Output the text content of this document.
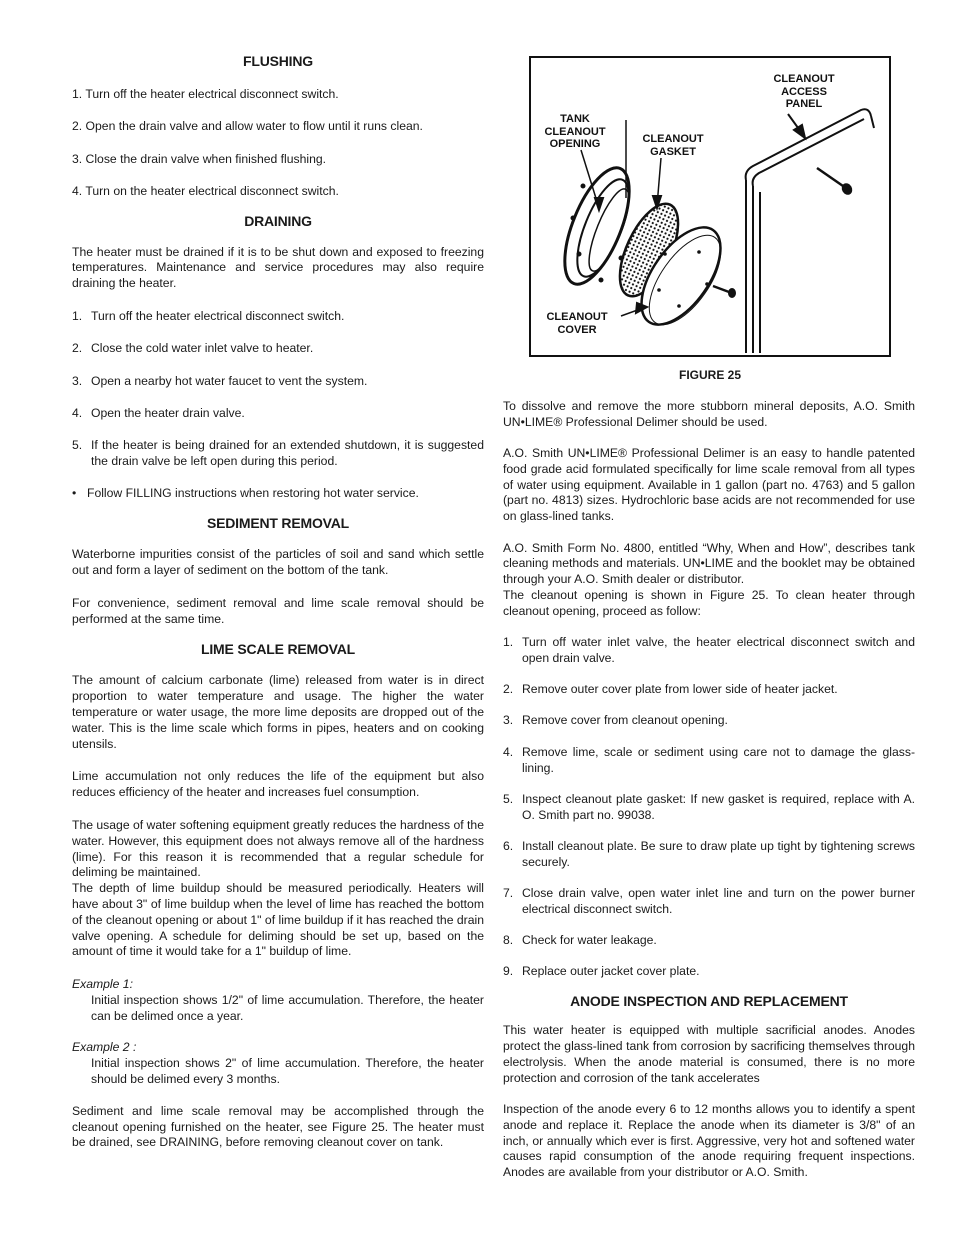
FLUSHING

1. Turn off the heater electrical disconnect switch.

2. Open the drain valve and allow water to flow until it runs clean.

3. Close the drain valve when finished flushing.

4. Turn on the heater electrical disconnect switch.

DRAINING

The heater must be drained if it is to be shut down and exposed to freezing temperatures. Maintenance and service procedures may also require draining the heater.

1. Turn off the heater electrical disconnect switch.
2. Close the cold water inlet valve to heater.
3. Open a nearby hot water faucet to vent the system.
4. Open the heater drain valve.
5. If the heater is being drained for an extended shutdown, it is suggested the drain valve be left open during this period.
• Follow FILLING instructions when restoring hot water service.
SEDIMENT REMOVAL

Waterborne impurities consist of the particles of soil and sand which settle out and form a layer of sediment on the bottom of the tank.

For convenience, sediment removal and lime scale removal should be performed at the same time.

LIME SCALE REMOVAL

The amount of calcium carbonate (lime) released from water is in direct proportion to water temperature and usage. The higher the water temperature or water usage, the more lime deposits are dropped out of the water. This is the lime scale which forms in pipes, heaters and on cooking utensils.

Lime accumulation not only reduces the life of the equipment but also reduces efficiency of the heater and increases fuel consumption.

The usage of water softening equipment greatly reduces the hardness of the water. However, this equipment does not always remove all of the hardness (lime). For this reason it is recommended that a regular schedule for deliming be maintained.

The depth of lime buildup should be measured periodically. Heaters will have about 3" of lime buildup when the level of lime has reached the bottom of the cleanout opening or about 1" of lime buildup if it has reached the drain valve opening. A schedule for deliming should be set up, based on the amount of time it would take for a 1" buildup of lime.

Example 1:

Initial inspection shows 1/2" of lime accumulation. Therefore, the heater can be delimed once a year.

Example 2 :

Initial inspection shows 2" of lime accumulation. Therefore, the heater should be delimed every 3 months.

Sediment and lime scale removal may be accomplished through the cleanout opening furnished on the heater, see Figure 25. The heater must be drained, see DRAINING, before removing cleanout cover on tank.

CLEANOUT
ACCESS
PANEL
TANK
CLEANOUT
OPENING	CLEANOUT
GASKET
CLEANOUT
COVER
FIGURE 25

To dissolve and remove the more stubborn mineral deposits, A.O. Smith UN•LIME® Professional Delimer should be used.

A.O. Smith UN•LIME® Professional Delimer is an easy to handle patented food grade acid formulated specifically for lime scale removal from all types of water using equipment. Available in 1 gallon (part no. 4763) and 5 gallon (part no. 4813) sizes. Hydrochloric base acids are not recommended for use on glass-lined tanks.

A.O. Smith Form No. 4800, entitled “Why, When and How”, describes tank cleaning methods and materials. UN•LIME and the booklet may be obtained through your A.O. Smith dealer or distributor.

The cleanout opening is shown in Figure 25. To clean heater through cleanout opening, proceed as follow:

1. Turn off water inlet valve, the heater electrical disconnect switch and open drain valve.
2. Remove outer cover plate from lower side of heater jacket.
3. Remove cover from cleanout opening.
4. Remove lime, scale or sediment using care not to damage the glass-lining.
5. Inspect cleanout plate gasket: If new gasket is required, replace with A. O. Smith part no. 99038.
6. Install cleanout plate. Be sure to draw plate up tight by tightening screws securely.
7. Close drain valve, open water inlet line and turn on the power burner electrical disconnect switch.
8. Check for water leakage.
9. Replace outer jacket cover plate.
ANODE INSPECTION AND REPLACEMENT

This water heater is equipped with multiple sacrificial anodes. Anodes protect the glass-lined tank from corrosion by sacrificing themselves through electrolysis. When the anode material is consumed, there is no more protection and corrosion of the tank accelerates

Inspection of the anode every 6 to 12 months allows you to identify a spent anode and replace it. Replace the anode when its diameter is 3/8" of an inch, or annually which ever is first. Aggressive, very hot and softened water causes rapid consumption of the anode requiring frequent inspections. Anodes are available from your distributor or A.O. Smith.
